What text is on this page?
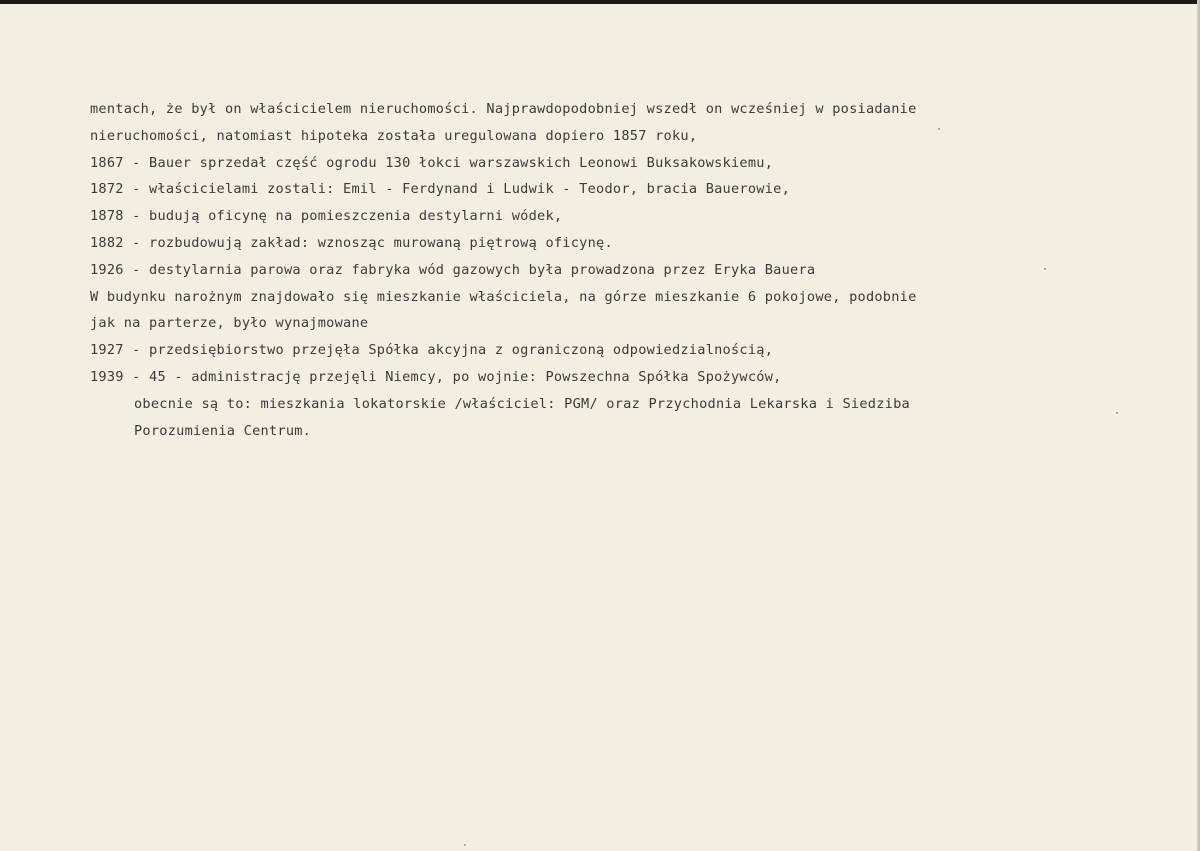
mentach, że był on właścicielem nieruchomości. Najprawdopodobniej wszedł on wcześniej w posiadanie
nieruchomości, natomiast hipoteka została uregulowana dopiero 1857 roku,
1867 - Bauer sprzedał część ogrodu 130 łokci warszawskich Leonowi Buksakowskiemu,
1872 - właścicielami zostali: Emil - Ferdynand i Ludwik - Teodor, bracia Bauerowie,
1878 - budują oficynę na pomieszczenia destylarni wódek,
1882 - rozbudowują zakład: wznosząc murowaną piętrową oficynę.
1926 - destylarnia parowa oraz fabryka wód gazowych była prowadzona przez Eryka Bauera
W budynku narożnym znajdowało się mieszkanie właściciela, na górze mieszkanie 6 pokojowe, podobnie
jak na parterze, było wynajmowane
1927 - przedsiębiorstwo przejęła Spółka akcyjna z ograniczoną odpowiedzialnością,
1939 - 45 - administrację przejęli Niemcy, po wojnie: Powszechna Spółka Spożywców,
obecnie są to: mieszkania lokatorskie /właściciel: PGM/ oraz Przychodnia Lekarska i Siedziba
Porozumienia Centrum.
